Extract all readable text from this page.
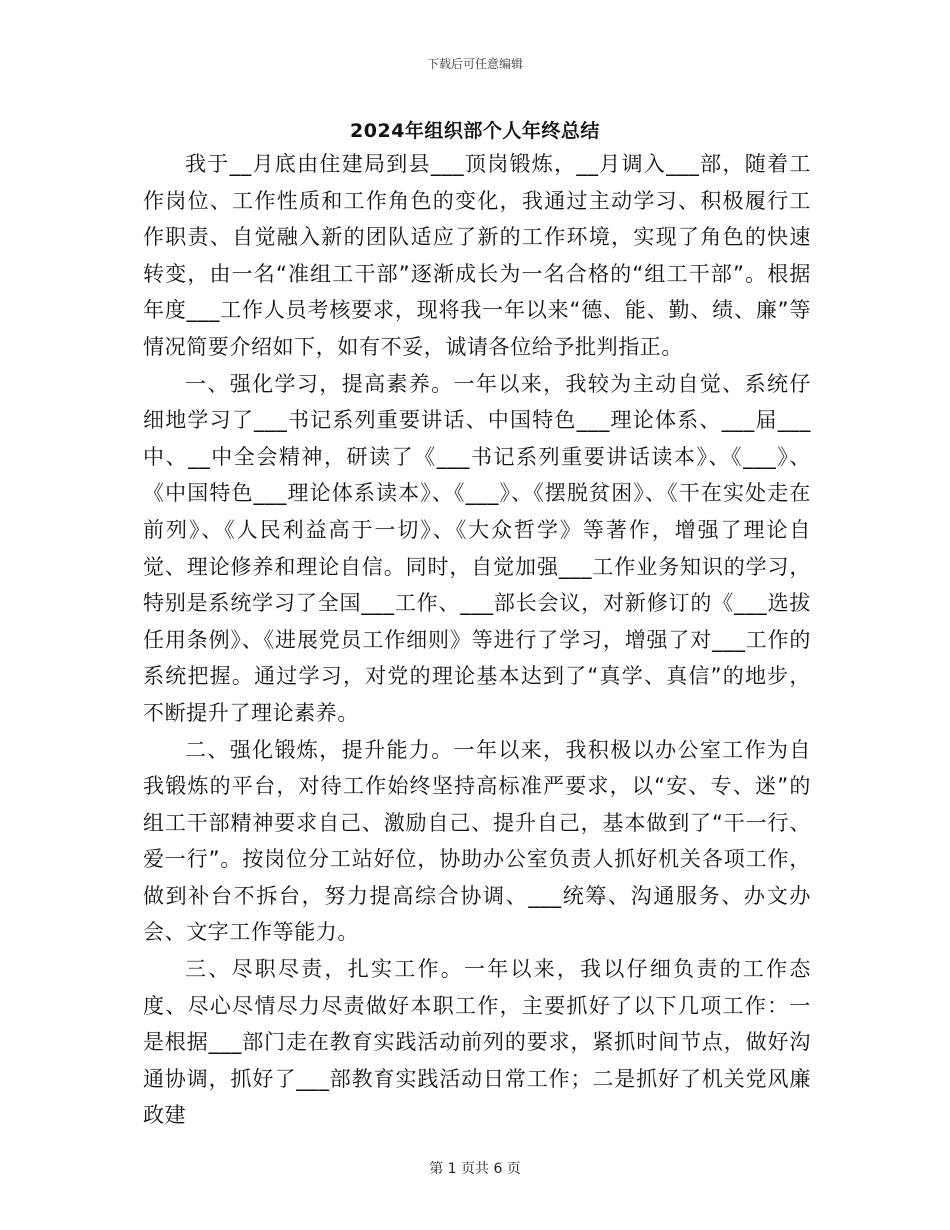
下载后可任意编辑
2024年组织部个人年终总结

我于__月底由住建局到县___顶岗锻炼，__月调入___部，随着工作岗位、工作性质和工作角色的变化，我通过主动学习、积极履行工作职责、自觉融入新的团队适应了新的工作环境，实现了角色的快速转变，由一名“准组工干部”逐渐成长为一名合格的“组工干部”。根据年度___工作人员考核要求，现将我一年以来“德、能、勤、绩、廉”等情况简要介绍如下，如有不妥，诚请各位给予批判指正。

一、强化学习，提高素养。一年以来，我较为主动自觉、系统仔细地学习了___书记系列重要讲话、中国特色___理论体系、___届___中、__中全会精神，研读了《___书记系列重要讲话读本》、《___》、《中国特色___理论体系读本》、《___》、《摆脱贫困》、《干在实处走在前列》、《人民利益高于一切》、《大众哲学》等著作，增强了理论自觉、理论修养和理论自信。同时，自觉加强___工作业务知识的学习，特别是系统学习了全国___工作、___部长会议，对新修订的《___选拔任用条例》、《进展党员工作细则》等进行了学习，增强了对___工作的系统把握。通过学习，对党的理论基本达到了“真学、真信”的地步，不断提升了理论素养。

二、强化锻炼，提升能力。一年以来，我积极以办公室工作为自我锻炼的平台，对待工作始终坚持高标准严要求，以“安、专、迷”的组工干部精神要求自己、激励自己、提升自己，基本做到了“干一行、爱一行”。按岗位分工站好位，协助办公室负责人抓好机关各项工作，做到补台不拆台，努力提高综合协调、___统筹、沟通服务、办文办会、文字工作等能力。

三、尽职尽责，扎实工作。一年以来，我以仔细负责的工作态度、尽心尽情尽力尽责做好本职工作，主要抓好了以下几项工作：一是根据___部门走在教育实践活动前列的要求，紧抓时间节点，做好沟通协调，抓好了___部教育实践活动日常工作；二是抓好了机关党风廉政建

第 1 页共 6 页
